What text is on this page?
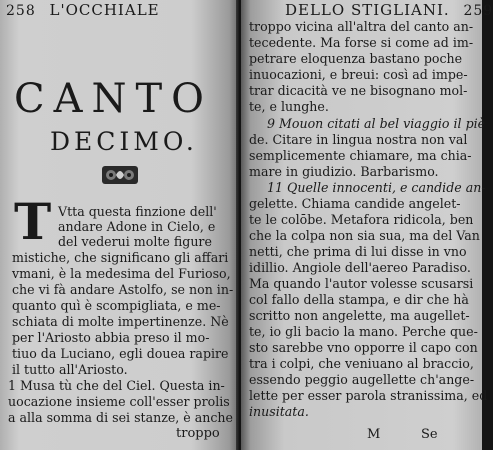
258 L'OCCHIALE
CANTO
DECIMO.
T Vtta questa finzione dell'
andare Adone in Cielo, e
del vederui molte figure
mistiche, che significano gli affari
vmani, è la medesima del Furioso,
che vi fà andare Astolfo, se non in-
quanto quì è scompigliata, e me-
schiata di molte impertinenze. Nè
per l'Ariosto abbia preso il mo-
tiuo da Luciano, egli douea rapire
il tutto all'Ariosto.
1 Musa tù che del Ciel. Questa in-
uocazione insieme coll'esser prolis
a alla somma di sei stanze, è anche
troppo
DELLO STIGLIANI. 259
troppo vicina all'altra del canto an-
tecedente. Ma forse si come ad im-
petrare eloquenza bastano poche
inuocazioni, e breui: così ad impe-
trar dicacità ve ne bisognano mol-
te, e lunghe.
9 Mouon citati al bel viaggio il piè
de. Citare in lingua nostra non val
semplicemente chiamare, ma chia-
mare in giudizio. Barbarismo.
11 Quelle innocenti, e candide an-
gelette. Chiama candide angelet-
te le colōbe. Metafora ridicola, ben
che la colpa non sia sua, ma del Van
netti, che prima di lui disse in vno
idillio. Angiole dell'aereo Paradiso.
Ma quando l'autor volesse scusarsi
col fallo della stampa, e dir che hà
scritto non angelette, ma augellet-
te, io gli bacio la mano. Perche que-
sto sarebbe vno opporre il capo con
tra i colpi, che veniuano al braccio,
essendo peggio augellette ch'ange-
lette per esser parola stranissima, ed
inusitata.
M	Se
